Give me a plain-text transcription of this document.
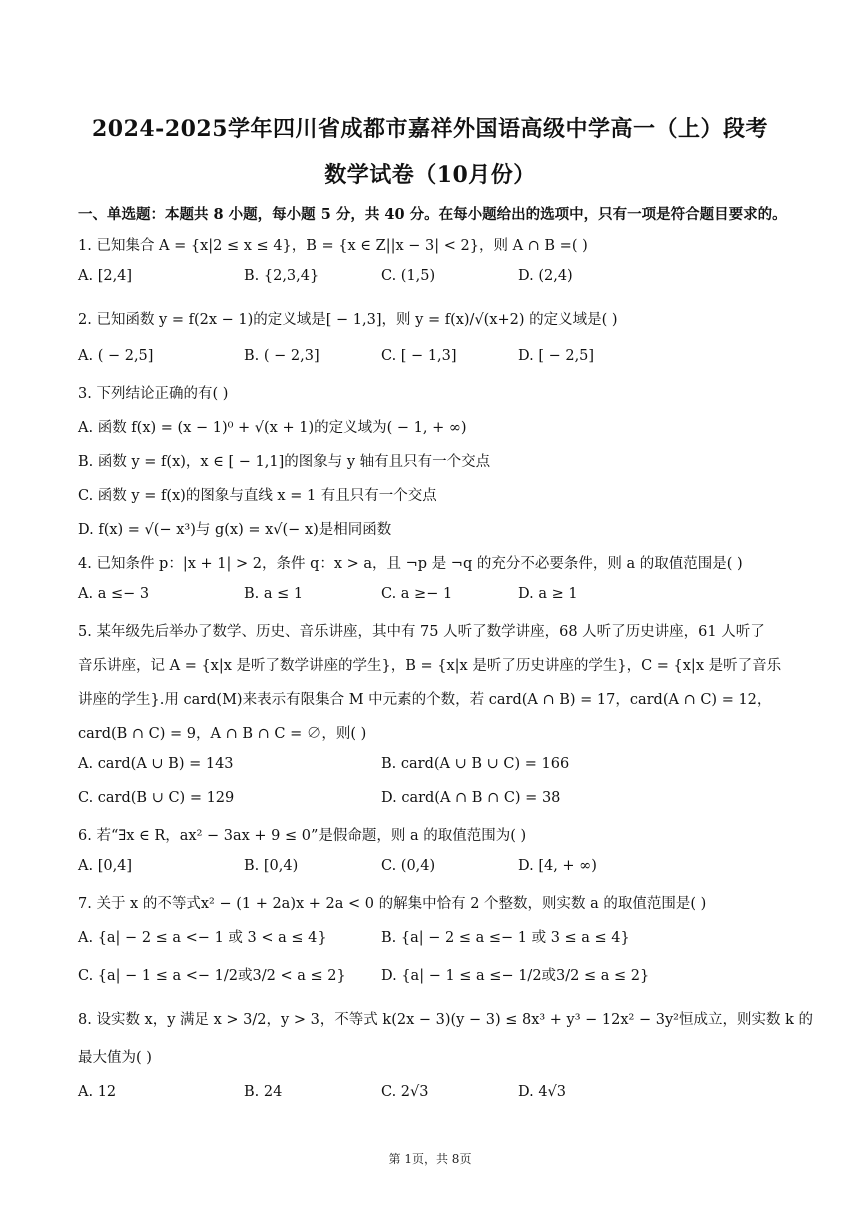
2024-2025学年四川省成都市嘉祥外国语高级中学高一（上）段考
数学试卷（10月份）
一、单选题：本题共 8 小题，每小题 5 分，共 40 分。在每小题给出的选项中，只有一项是符合题目要求的。
1. 已知集合 A = {x|2 ≤ x ≤ 4}，B = {x ∈ Z||x − 3| < 2}，则 A ∩ B =( )
A. [2,4]	B. {2,3,4}	C. (1,5)	D. (2,4)
2. 已知函数 y = f(2x − 1)的定义域是[ − 1,3]，则 y = f(x)/√(x+2) 的定义域是( )
A. ( − 2,5]	B. ( − 2,3]	C. [ − 1,3]	D. [ − 2,5]
3. 下列结论正确的有( )
A. 函数 f(x) = (x − 1)⁰ + √(x + 1)的定义域为( − 1, + ∞)
B. 函数 y = f(x)，x ∈ [ − 1,1]的图象与 y 轴有且只有一个交点
C. 函数 y = f(x)的图象与直线 x = 1 有且只有一个交点
D. f(x) = √(− x³)与 g(x) = x√(− x)是相同函数
4. 已知条件 p：|x + 1| > 2，条件 q：x > a，且 ¬p 是 ¬q 的充分不必要条件，则 a 的取值范围是( )
A. a ≤− 3	B. a ≤ 1	C. a ≥− 1	D. a ≥ 1
5. 某年级先后举办了数学、历史、音乐讲座，其中有 75 人听了数学讲座，68 人听了历史讲座，61 人听了
音乐讲座，记 A = {x|x 是听了数学讲座的学生}，B = {x|x 是听了历史讲座的学生}，C = {x|x 是听了音乐
讲座的学生}.用 card(M)来表示有限集合 M 中元素的个数，若 card(A ∩ B) = 17，card(A ∩ C) = 12，
card(B ∩ C) = 9，A ∩ B ∩ C = ∅，则( )
A. card(A ∪ B) = 143	B. card(A ∪ B ∪ C) = 166
C. card(B ∪ C) = 129	D. card(A ∩ B ∩ C) = 38
6. 若“∃x ∈ R，ax² − 3ax + 9 ≤ 0”是假命题，则 a 的取值范围为( )
A. [0,4]	B. [0,4)	C. (0,4)	D. [4, + ∞)
7. 关于 x 的不等式x² − (1 + 2a)x + 2a < 0 的解集中恰有 2 个整数，则实数 a 的取值范围是( )
A. {a| − 2 ≤ a <− 1 或 3 < a ≤ 4}	B. {a| − 2 ≤ a ≤− 1 或 3 ≤ a ≤ 4}
C. {a| − 1 ≤ a <− 1/2或3/2 < a ≤ 2} D. {a| − 1 ≤ a ≤− 1/2或3/2 ≤ a ≤ 2}
8. 设实数 x，y 满足 x > 3/2，y > 3，不等式 k(2x − 3)(y − 3) ≤ 8x³ + y³ − 12x² − 3y²恒成立，则实数 k 的
最大值为( )
A. 12	B. 24	C. 2√3	D. 4√3
第 1页，共 8页
